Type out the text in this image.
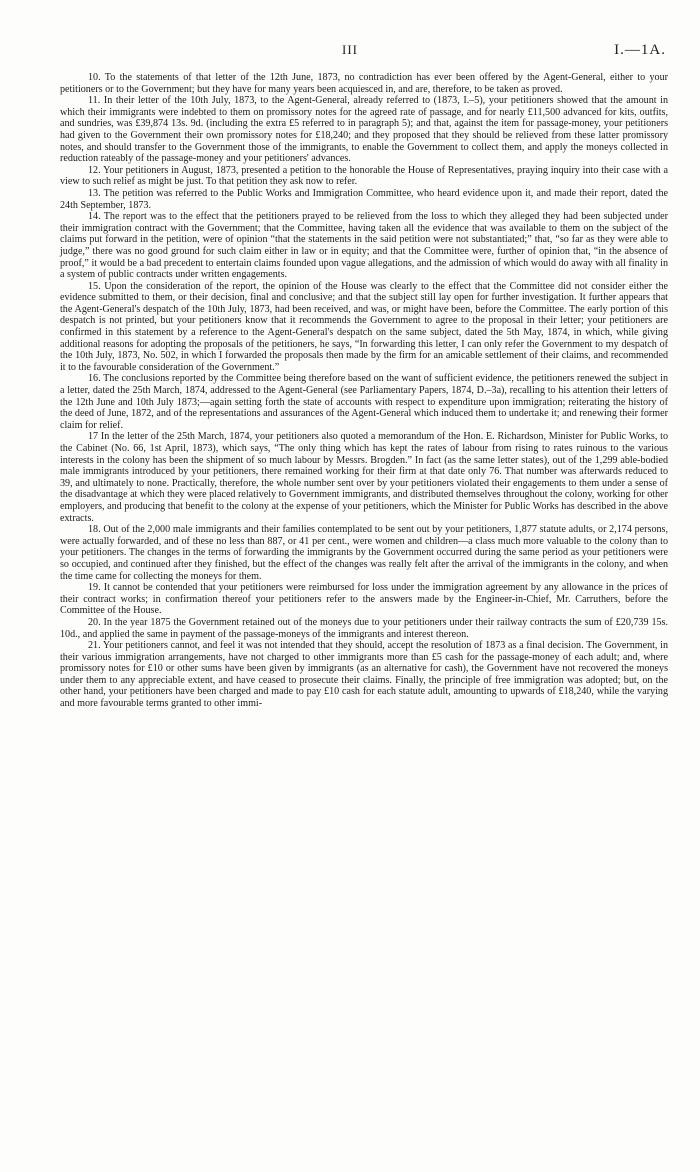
III	I.—1A.

10. To the statements of that letter of the 12th June, 1873, no contradiction has ever been offered by the Agent-General, either to your petitioners or to the Government; but they have for many years been acquiesced in, and are, therefore, to be taken as proved.

11. In their letter of the 10th July, 1873, to the Agent-General, already referred to (1873, I.–5), your petitioners showed that the amount in which their immigrants were indebted to them on promissory notes for the agreed rate of passage, and for nearly £11,500 advanced for kits, outfits, and sundries, was £39,874 13s. 9d. (including the extra £5 referred to in paragraph 5); and that, against the item for passage-money, your petitioners had given to the Government their own promissory notes for £18,240; and they proposed that they should be relieved from these latter promissory notes, and should transfer to the Government those of the immigrants, to enable the Government to collect them, and apply the moneys collected in reduction rateably of the passage-money and your petitioners' advances.

12. Your petitioners in August, 1873, presented a petition to the honorable the House of Representatives, praying inquiry into their case with a view to such relief as might be just. To that petition they ask now to refer.

13. The petition was referred to the Public Works and Immigration Committee, who heard evidence upon it, and made their report, dated the 24th September, 1873.

14. The report was to the effect that the petitioners prayed to be relieved from the loss to which they alleged they had been subjected under their immigration contract with the Government; that the Committee, having taken all the evidence that was available to them on the subject of the claims put forward in the petition, were of opinion “that the statements in the said petition were not substantiated;” that, “so far as they were able to judge,” there was no good ground for such claim either in law or in equity; and that the Committee were, further of opinion that, “in the absence of proof,” it would be a bad precedent to entertain claims founded upon vague allegations, and the admission of which would do away with all finality in a system of public contracts under written engagements.

15. Upon the consideration of the report, the opinion of the House was clearly to the effect that the Committee did not consider either the evidence submitted to them, or their decision, final and conclusive; and that the subject still lay open for further investigation. It further appears that the Agent-General's despatch of the 10th July, 1873, had been received, and was, or might have been, before the Committee. The early portion of this despatch is not printed, but your petitioners know that it recommends the Government to agree to the proposal in their letter; your petitioners are confirmed in this statement by a reference to the Agent-General's despatch on the same subject, dated the 5th May, 1874, in which, while giving additional reasons for adopting the proposals of the petitioners, he says, “In forwarding this letter, I can only refer the Government to my despatch of the 10th July, 1873, No. 502, in which I forwarded the proposals then made by the firm for an amicable settlement of their claims, and recommended it to the favourable consideration of the Government.”

16. The conclusions reported by the Committee being therefore based on the want of sufficient evidence, the petitioners renewed the subject in a letter, dated the 25th March, 1874, addressed to the Agent-General (see Parliamentary Papers, 1874, D.–3a), recalling to his attention their letters of the 12th June and 10th July 1873;—again setting forth the state of accounts with respect to expenditure upon immigration; reiterating the history of the deed of June, 1872, and of the representations and assurances of the Agent-General which induced them to undertake it; and renewing their former claim for relief.

17 In the letter of the 25th March, 1874, your petitioners also quoted a memorandum of the Hon. E. Richardson, Minister for Public Works, to the Cabinet (No. 66, 1st April, 1873), which says, “The only thing which has kept the rates of labour from rising to rates ruinous to the various interests in the colony has been the shipment of so much labour by Messrs. Brogden.” In fact (as the same letter states), out of the 1,299 able-bodied male immigrants introduced by your petitioners, there remained working for their firm at that date only 76. That number was afterwards reduced to 39, and ultimately to none. Practically, therefore, the whole number sent over by your petitioners violated their engagements to them under a sense of the disadvantage at which they were placed relatively to Government immigrants, and distributed themselves throughout the colony, working for other employers, and producing that benefit to the colony at the expense of your petitioners, which the Minister for Public Works has described in the above extracts.

18. Out of the 2,000 male immigrants and their families contemplated to be sent out by your petitioners, 1,877 statute adults, or 2,174 persons, were actually forwarded, and of these no less than 887, or 41 per cent., were women and children—a class much more valuable to the colony than to your petitioners. The changes in the terms of forwarding the immigrants by the Government occurred during the same period as your petitioners were so occupied, and continued after they finished, but the effect of the changes was really felt after the arrival of the immigrants in the colony, and when the time came for collecting the moneys for them.

19. It cannot be contended that your petitioners were reimbursed for loss under the immigration agreement by any allowance in the prices of their contract works; in confirmation thereof your petitioners refer to the answers made by the Engineer-in-Chief, Mr. Carruthers, before the Committee of the House.

20. In the year 1875 the Government retained out of the moneys due to your petitioners under their railway contracts the sum of £20,739 15s. 10d., and applied the same in payment of the passage-moneys of the immigrants and interest thereon.

21. Your petitioners cannot, and feel it was not intended that they should, accept the resolution of 1873 as a final decision. The Government, in their various immigration arrangements, have not charged to other immigrants more than £5 cash for the passage-money of each adult; and, where promissory notes for £10 or other sums have been given by immigrants (as an alternative for cash), the Government have not recovered the moneys under them to any appreciable extent, and have ceased to prosecute their claims. Finally, the principle of free immigration was adopted; but, on the other hand, your petitioners have been charged and made to pay £10 cash for each statute adult, amounting to upwards of £18,240, while the varying and more favourable terms granted to other immi-
